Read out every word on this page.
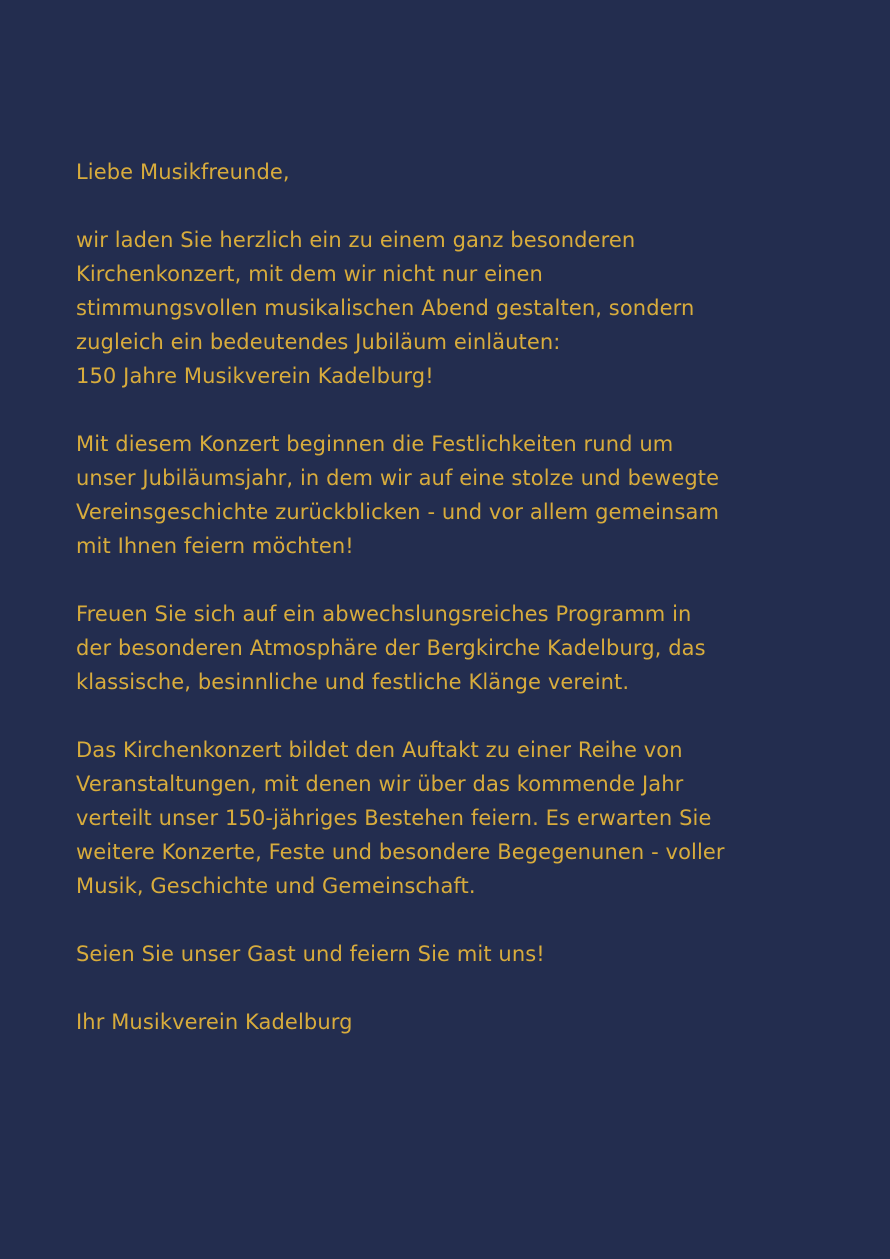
Liebe Musikfreunde,

wir laden Sie herzlich ein zu einem ganz besonderen
Kirchenkonzert, mit dem wir nicht nur einen
stimmungsvollen musikalischen Abend gestalten, sondern
zugleich ein bedeutendes Jubiläum einläuten:
150 Jahre Musikverein Kadelburg!

Mit diesem Konzert beginnen die Festlichkeiten rund um
unser Jubiläumsjahr, in dem wir auf eine stolze und bewegte
Vereinsgeschichte zurückblicken - und vor allem gemeinsam
mit Ihnen feiern möchten!

Freuen Sie sich auf ein abwechslungsreiches Programm in
der besonderen Atmosphäre der Bergkirche Kadelburg, das
klassische, besinnliche und festliche Klänge vereint.

Das Kirchenkonzert bildet den Auftakt zu einer Reihe von
Veranstaltungen, mit denen wir über das kommende Jahr
verteilt unser 150-jähriges Bestehen feiern. Es erwarten Sie
weitere Konzerte, Feste und besondere Begegenunen - voller
Musik, Geschichte und Gemeinschaft.

Seien Sie unser Gast und feiern Sie mit uns!

Ihr Musikverein Kadelburg
